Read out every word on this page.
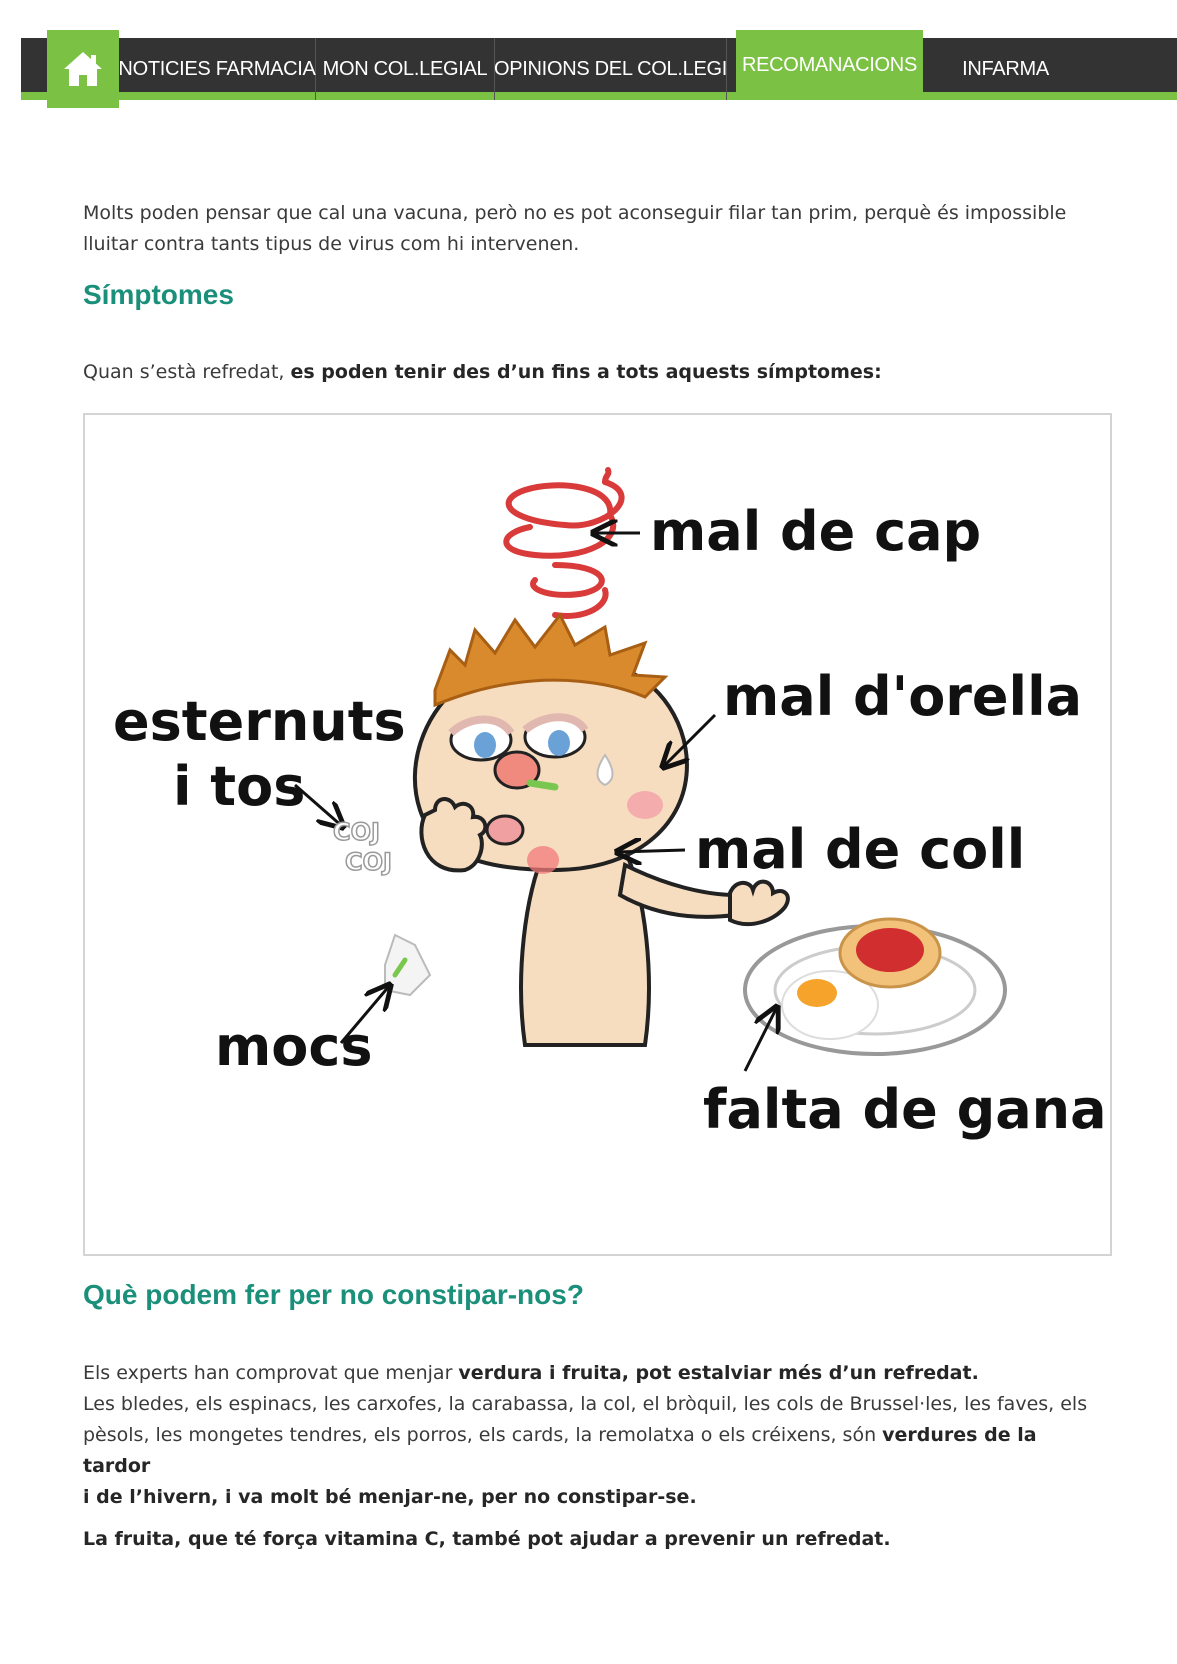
NOTICIES FARMACIA MON COL.LEGIAL OPINIONS DEL COL.LEGI RECOMANACIONS	INFARMA
Molts poden pensar que cal una vacuna, però no es pot aconseguir filar tan prim, perquè és impossible
lluitar contra tants tipus de virus com hi intervenen.
Símptomes
Quan s’està refredat, es poden tenir des d’un fins a tots aquests símptomes:
mal de cap
mal d'orella
esternuts
i tos
COJ
COJ	mal de coll
mocs
falta de gana
Què podem fer per no constipar-nos?
Els experts han comprovat que menjar verdura i fruita, pot estalviar més d’un refredat.
Les bledes, els espinacs, les carxofes, la carabassa, la col, el bròquil, les cols de Brussel·les, les faves, els
pèsols, les mongetes tendres, els porros, els cards, la remolatxa o els créixens, són verdures de la tardor
i de l’hivern, i va molt bé menjar-ne, per no constipar-se.
La fruita, que té força vitamina C, també pot ajudar a prevenir un refredat.
